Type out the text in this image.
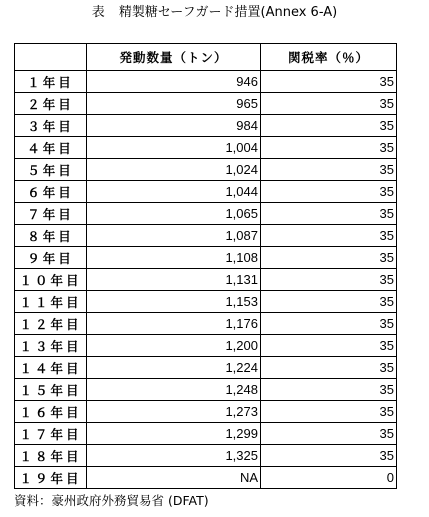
表 精製糖セーフガード措置(Annex 6-A)
	発動数量（トン）	関税率（％）
１年目	946	35
２年目	965	35
３年目	984	35
４年目	1,004	35
５年目	1,024	35
６年目	1,044	35
７年目	1,065	35
８年目	1,087	35
９年目	1,108	35
１０年目	1,131	35
１１年目	1,153	35
１２年目	1,176	35
１３年目	1,200	35
１４年目	1,224	35
１５年目	1,248	35
１６年目	1,273	35
１７年目	1,299	35
１８年目	1,325	35
１９年目	NA	0
資料：豪州政府外務貿易省 (DFAT)
